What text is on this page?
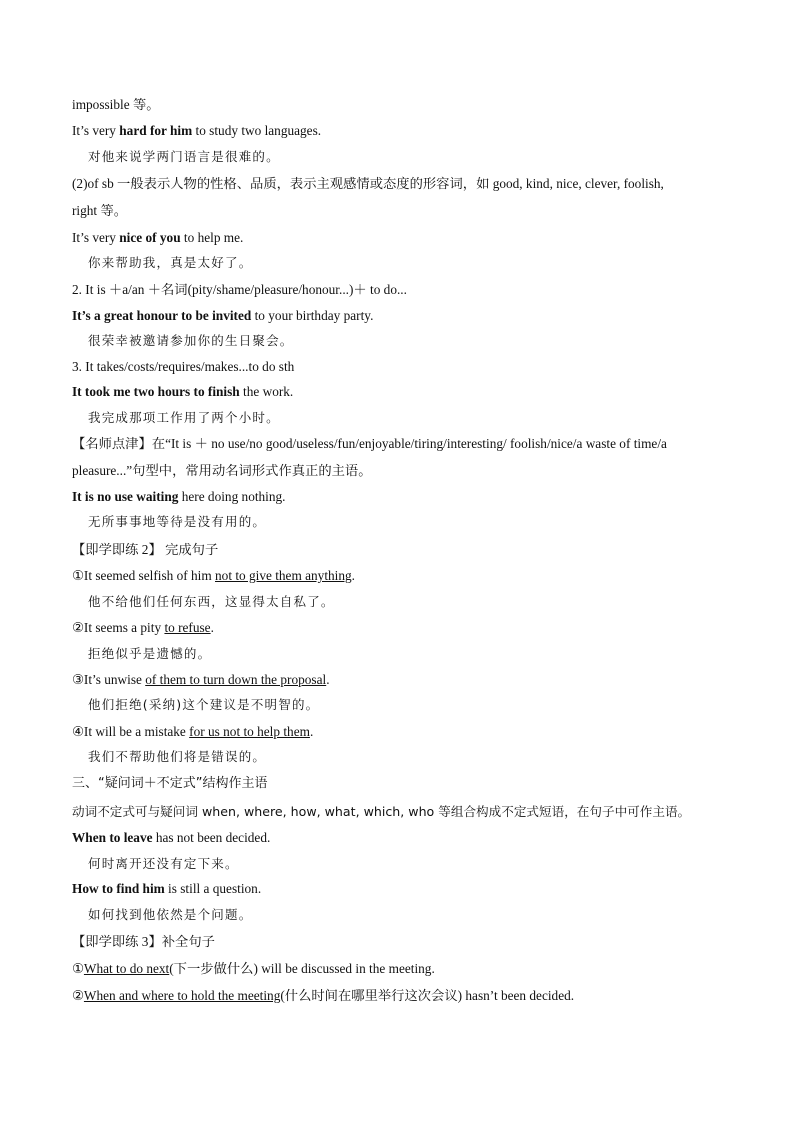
impossible 等。
It’s very hard for him to study two languages.
对他来说学两门语言是很难的。
(2)of sb 一般表示人物的性格、品质，表示主观感情或态度的形容词，如 good, kind, nice, clever, foolish,
right 等。
It’s very nice of you to help me.
你来帮助我，真是太好了。
2. It is ＋a/an ＋名词(pity/shame/pleasure/honour...)＋ to do...
It’s a great honour to be invited to your birthday party.
很荣幸被邀请参加你的生日聚会。
3. It takes/costs/requires/makes...to do sth
It took me two hours to finish the work.
我完成那项工作用了两个小时。
【名师点津】在“It is ＋ no use/no good/useless/fun/enjoyable/tiring/interesting/ foolish/nice/a waste of time/a
pleasure...”句型中，常用动名词形式作真正的主语。
It is no use waiting here doing nothing.
无所事事地等待是没有用的。
【即学即练 2】 完成句子
①It seemed selfish of him not to give them anything.
他不给他们任何东西，这显得太自私了。
②It seems a pity to refuse.
拒绝似乎是遗憾的。
③It’s unwise of them to turn down the proposal.
他们拒绝(采纳)这个建议是不明智的。
④It will be a mistake for us not to help them.
我们不帮助他们将是错误的。
三、“疑问词＋不定式”结构作主语
动词不定式可与疑问词 when, where, how, what, which, who 等组合构成不定式短语，在句子中可作主语。
When to leave has not been decided.
何时离开还没有定下来。
How to find him is still a question.
如何找到他依然是个问题。
【即学即练 3】补全句子
①What to do next(下一步做什么) will be discussed in the meeting.
②When and where to hold the meeting(什么时间在哪里举行这次会议) hasn’t been decided.
